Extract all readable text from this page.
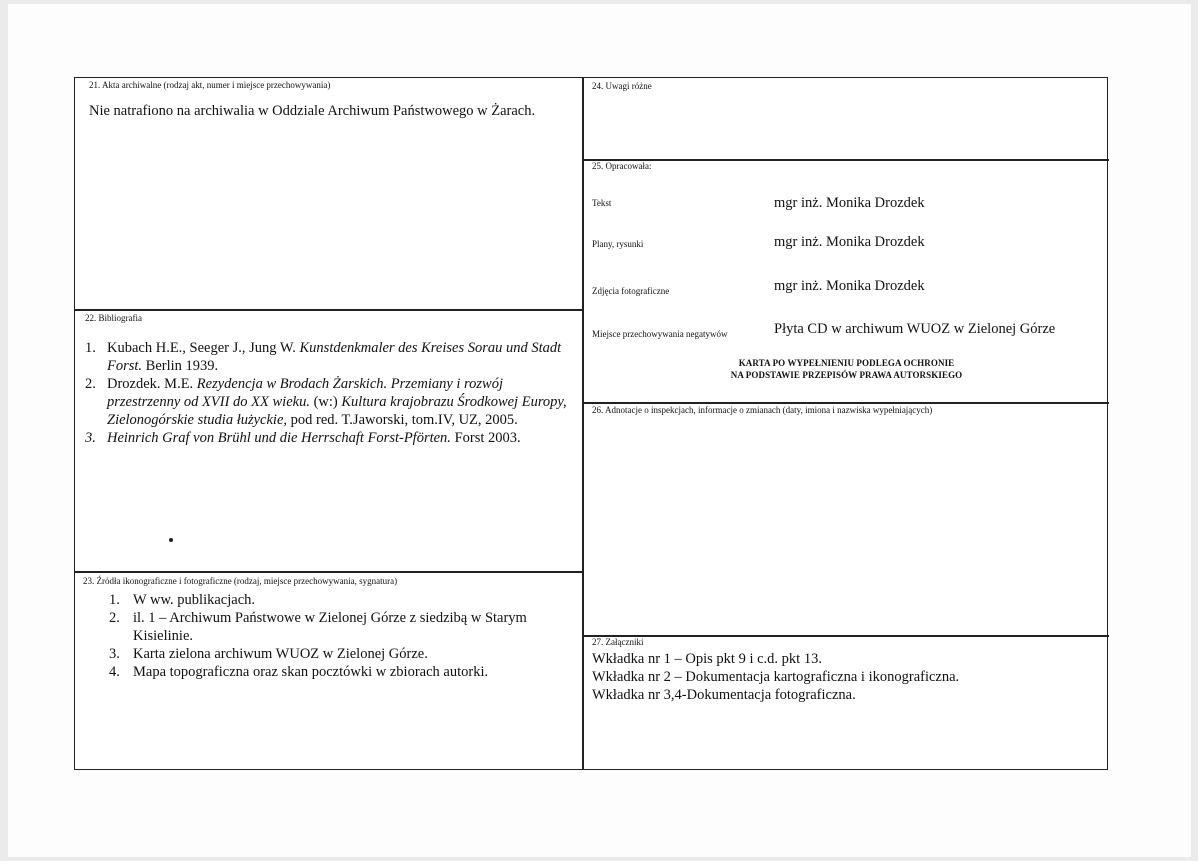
21. Akta archiwalne (rodzaj akt, numer i miejsce przechowywania)
Nie natrafiono na archiwalia w Oddziale Archiwum Państwowego w Żarach.
22. Bibliografia
1. Kubach H.E., Seeger J., Jung W. Kunstdenkmaler des Kreises Sorau und Stadt Forst. Berlin 1939.
2. Drozdek. M.E. Rezydencja w Brodach Żarskich. Przemiany i rozwój przestrzenny od XVII do XX wieku. (w:) Kultura krajobrazu Środkowej Europy, Zielonogórskie studia łużyckie, pod red. T.Jaworski, tom.IV, UZ, 2005.
3. Heinrich Graf von Brühl und die Herrschaft Forst-Pförten. Forst 2003.
23. Źródła ikonograficzne i fotograficzne (rodzaj, miejsce przechowywania, sygnatura)
1. W ww. publikacjach.
2. il. 1 – Archiwum Państwowe w Zielonej Górze z siedzibą w Starym Kisielinie.
3. Karta zielona archiwum WUOZ w Zielonej Górze.
4. Mapa topograficzna oraz skan pocztówki w zbiorach autorki.
24. Uwagi różne
25. Opracowała:
Tekst	mgr inż. Monika Drozdek
Plany, rysunki	mgr inż. Monika Drozdek
Zdjęcia fotograficzne	mgr inż. Monika Drozdek
Miejsce przechowywania negatywów	Płyta CD w archiwum WUOZ w Zielonej Górze
KARTA PO WYPEŁNIENIU PODLEGA OCHRONIE
NA PODSTAWIE PRZEPISÓW PRAWA AUTORSKIEGO
26. Adnotacje o inspekcjach, informacje o zmianach (daty, imiona i nazwiska wypełniających)
27. Załączniki
Wkładka nr 1 – Opis pkt 9 i c.d. pkt 13.
Wkładka nr 2 – Dokumentacja kartograficzna i ikonograficzna.
Wkładka nr 3,4-Dokumentacja fotograficzna.
